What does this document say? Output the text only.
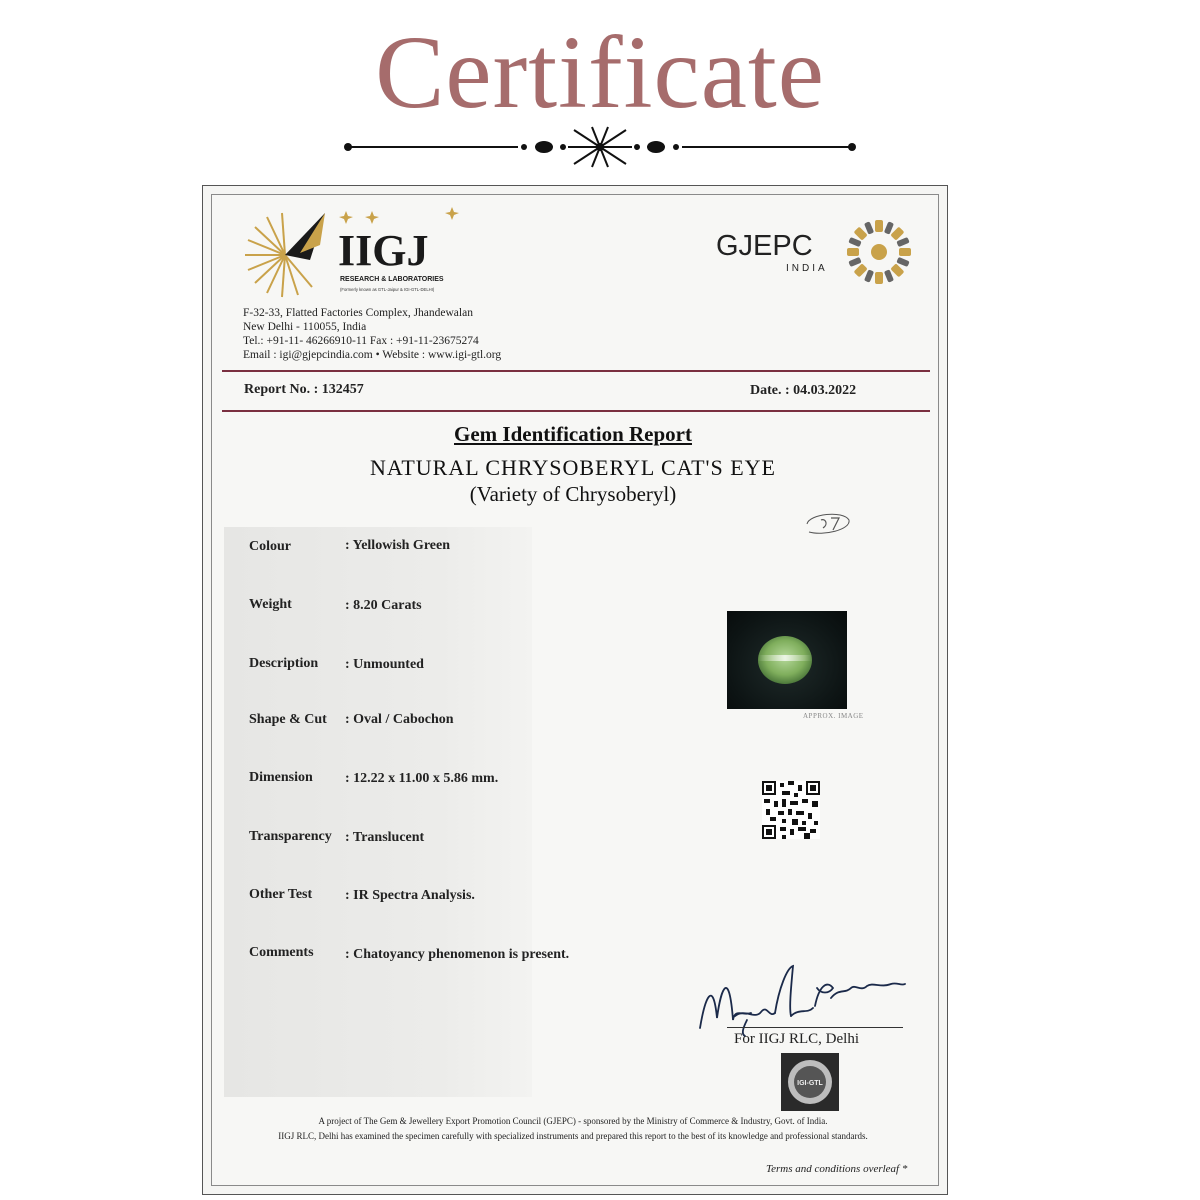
Certificate
IIGJ
RESEARCH & LABORATORIES
(Formerly known as GTL-Jaipur & IGI-GTL-DELHI)
GJEPC
INDIA
F-32-33, Flatted Factories Complex, Jhandewalan
New Delhi - 110055, India
Tel.: +91-11- 46266910-11 Fax : +91-11-23675274
Email : igi@gjepcindia.com • Website : www.igi-gtl.org
Report No. : 132457	Date. : 04.03.2022
Gem Identification Report
NATURAL CHRYSOBERYL CAT'S EYE
(Variety of Chrysoberyl)
Colour	: Yellowish Green
Weight	: 8.20 Carats
Description : Unmounted
Shape & Cut : Oval / Cabochon
Dimension : 12.22 x 11.00 x 5.86 mm.
Transparency : Translucent
Other Test : IR Spectra Analysis.
Comments : Chatoyancy phenomenon is present.
APPROX. IMAGE
For IIGJ RLC, Delhi
IGI-GTL
A project of The Gem & Jewellery Export Promotion Council (GJEPC) - sponsored by the Ministry of Commerce & Industry, Govt. of India.
IIGJ RLC, Delhi has examined the specimen carefully with specialized instruments and prepared this report to the best of its knowledge and professional standards.
Terms and conditions overleaf *
